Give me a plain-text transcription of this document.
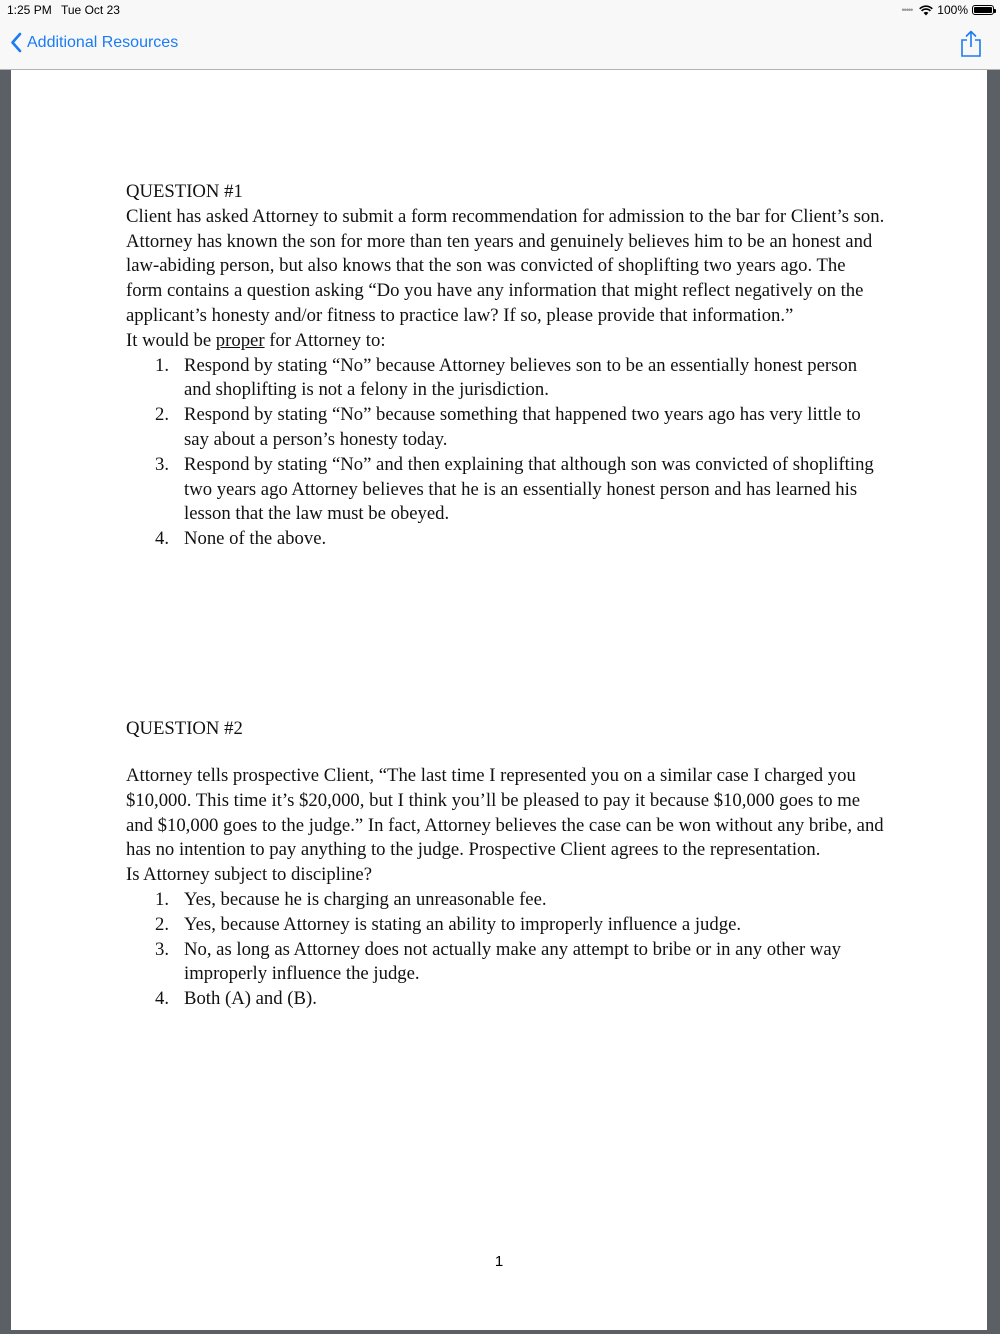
1:25 PM Tue Oct 23	••••• 100%
Additional Resources
QUESTION #1

Client has asked Attorney to submit a form recommendation for admission to the bar for Client’s son. Attorney has known the son for more than ten years and genuinely believes him to be an honest and law-abiding person, but also knows that the son was convicted of shoplifting two years ago. The form contains a question asking “Do you have any information that might reflect negatively on the applicant’s honesty and/or fitness to practice law? If so, please provide that information.”

It would be proper for Attorney to:

1. Respond by stating “No” because Attorney believes son to be an essentially honest person and shoplifting is not a felony in the jurisdiction.
2. Respond by stating “No” because something that happened two years ago has very little to say about a person’s honesty today.
3. Respond by stating “No” and then explaining that although son was convicted of shoplifting two years ago Attorney believes that he is an essentially honest person and has learned his lesson that the law must be obeyed.
4. None of the above.
QUESTION #2

Attorney tells prospective Client, “The last time I represented you on a similar case I charged you $10,000. This time it’s $20,000, but I think you’ll be pleased to pay it because $10,000 goes to me and $10,000 goes to the judge.” In fact, Attorney believes the case can be won without any bribe, and has no intention to pay anything to the judge. Prospective Client agrees to the representation.

Is Attorney subject to discipline?

1. Yes, because he is charging an unreasonable fee.
2. Yes, because Attorney is stating an ability to improperly influence a judge.
3. No, as long as Attorney does not actually make any attempt to bribe or in any other way improperly influence the judge.
4. Both (A) and (B).
1
